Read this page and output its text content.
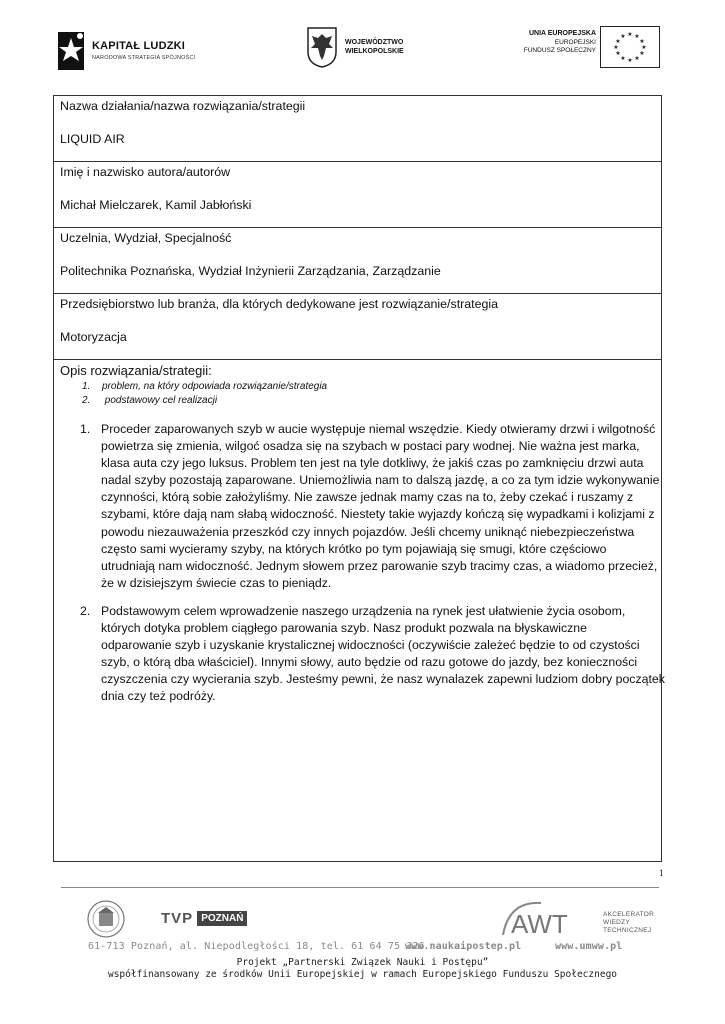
KAPITAŁ LUDZKI
NARODOWA STRATEGIA SPÓJNOŚCI
WOJEWÓDZTWO
WIELKOPOLSKIE
UNIA EUROPEJSKA
EUROPEJSKI
FUNDUSZ SPOŁECZNY
★ ★
★
★
★
★
★
★
★
★
★
★
Nazwa działania/nazwa rozwiązania/strategii
LIQUID AIR
Imię i nazwisko autora/autorów
Michał Mielczarek, Kamil Jabłoński
Uczelnia, Wydział, Specjalność
Politechnika Poznańska, Wydział Inżynierii Zarządzania, Zarządzanie
Przedsiębiorstwo lub branża, dla których dedykowane jest rozwiązanie/strategia
Motoryzacja
Opis rozwiązania/strategii:
1. problem, na który odpowiada rozwiązanie/strategia
2. podstawowy cel realizacji
1. Proceder zaparowanych szyb w aucie występuje niemal wszędzie. Kiedy otwieramy drzwi i wilgotność
powietrza się zmienia, wilgoć osadza się na szybach w postaci pary wodnej. Nie ważna jest marka,
klasa auta czy jego luksus. Problem ten jest na tyle dotkliwy, że jakiś czas po zamknięciu drzwi auta
nadal szyby pozostają zaparowane. Uniemożliwia nam to dalszą jazdę, a co za tym idzie wykonywanie
czynności, którą sobie założyliśmy. Nie zawsze jednak mamy czas na to, żeby czekać i ruszamy z
szybami, które dają nam słabą widoczność. Niestety takie wyjazdy kończą się wypadkami i kolizjami z
powodu niezauważenia przeszkód czy innych pojazdów. Jeśli chcemy uniknąć niebezpieczeństwa
często sami wycieramy szyby, na których krótko po tym pojawiają się smugi, które częściowo
utrudniają nam widoczność. Jednym słowem przez parowanie szyb tracimy czas, a wiadomo przecież,
że w dzisiejszym świecie czas to pieniądz.
2. Podstawowym celem wprowadzenie naszego urządzenia na rynek jest ułatwienie życia osobom,
których dotyka problem ciągłego parowania szyb. Nasz produkt pozwala na błyskawiczne
odparowanie szyb i uzyskanie krystalicznej widoczności (oczywiście zależeć będzie to od czystości
szyb, o którą dba właściciel). Innymi słowy, auto będzie od razu gotowe do jazdy, bez konieczności
czyszczenia czy wycierania szyb. Jesteśmy pewni, że nasz wynalazek zapewni ludziom dobry początek
dnia czy też podróży.
1
TVP POZNAŃ	AWT	AKCELERATOR
WIEDZY
TECHNICZNEJ
61-713 Poznań, al. Niepodległości 18, tel. 61 64 75 326
www.naukaipostep.pl	www.umww.pl
Projekt „Partnerski Związek Nauki i Postępu”
współfinansowany ze środków Unii Europejskiej w ramach Europejskiego Funduszu Społecznego
